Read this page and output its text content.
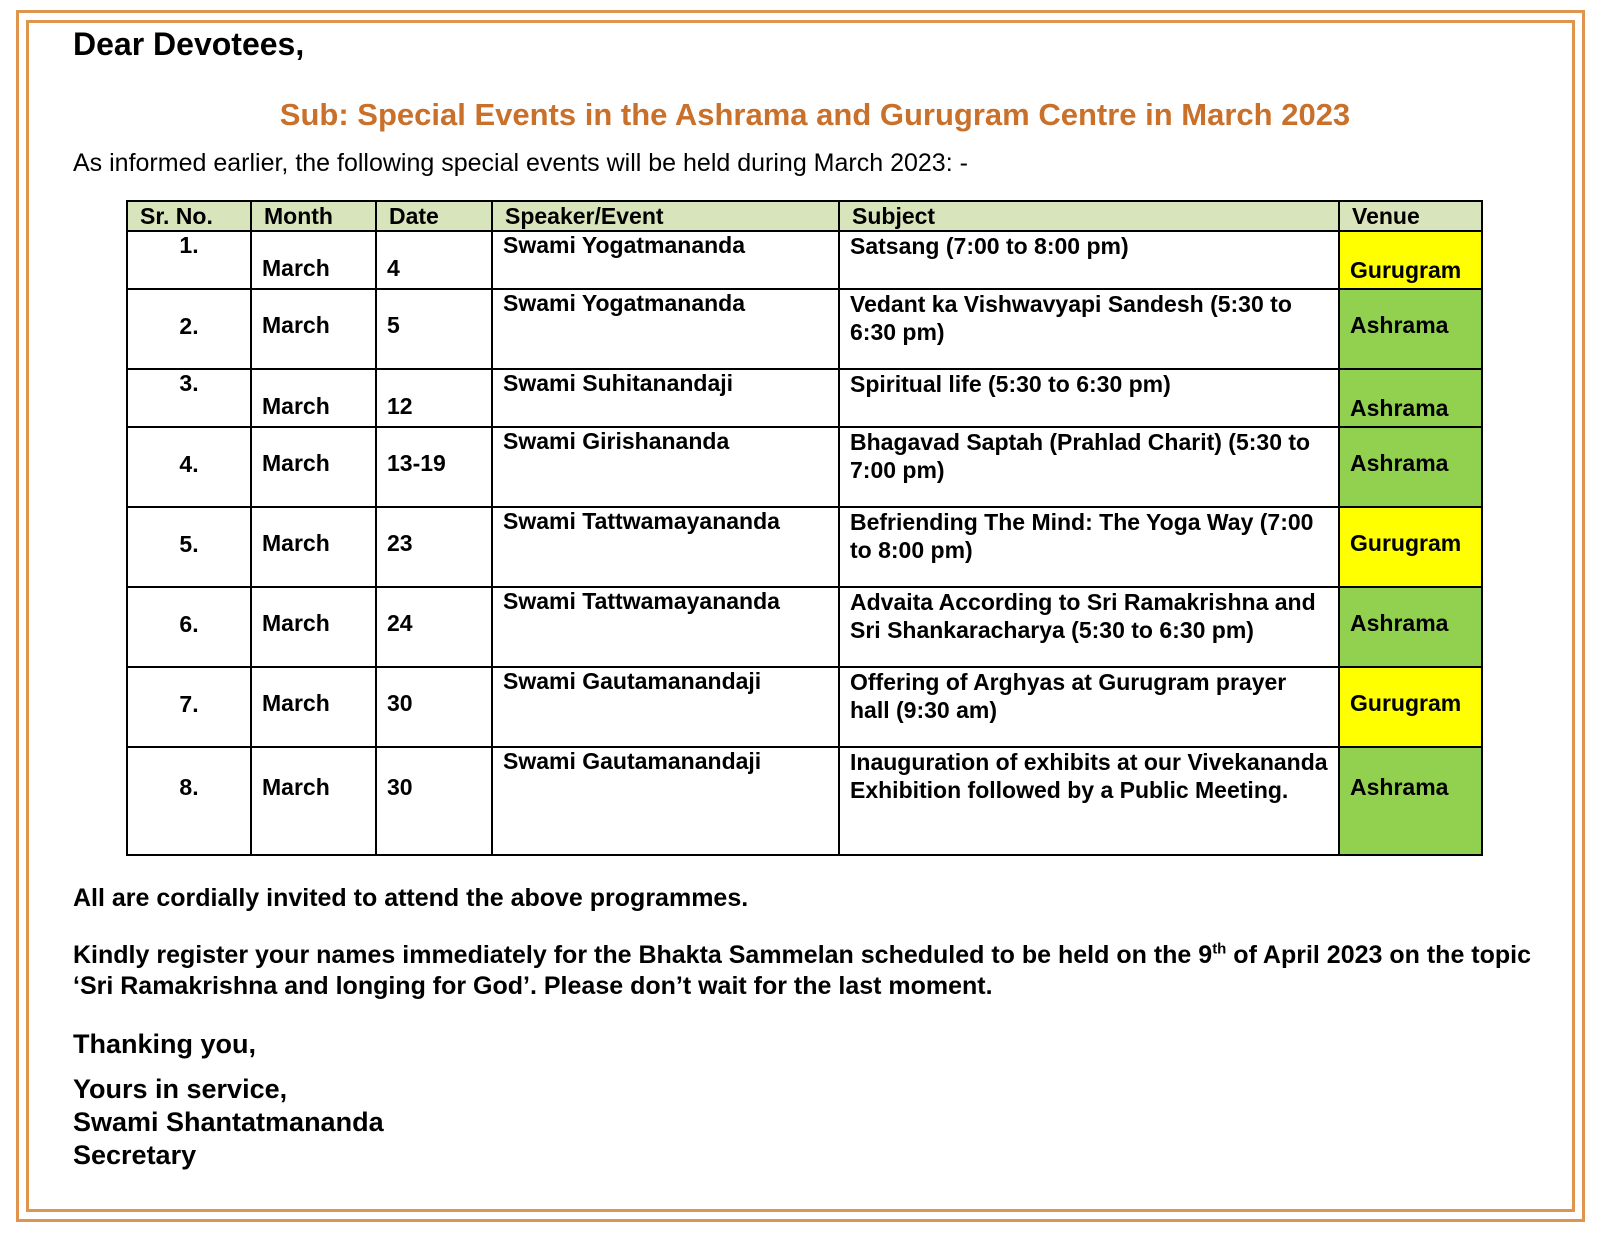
Dear Devotees,
Sub: Special Events in the Ashrama and Gurugram Centre in March 2023
As informed earlier, the following special events will be held during March 2023: -
Sr. No.	Month	Date	Speaker/Event	Subject	Venue
1.	March	4	Swami Yogatmananda	Satsang (7:00 to 8:00 pm)	Gurugram
2.	March	5	Swami Yogatmananda	Vedant ka Vishwavyapi Sandesh (5:30 to 6:30 pm)	Ashrama
3.	March	12	Swami Suhitanandaji	Spiritual life (5:30 to 6:30 pm)	Ashrama
4.	March	13-19	Swami Girishananda	Bhagavad Saptah (Prahlad Charit) (5:30 to 7:00 pm)	Ashrama
5.	March	23	Swami Tattwamayananda	Befriending The Mind: The Yoga Way (7:00 to 8:00 pm)	Gurugram
6.	March	24	Swami Tattwamayananda	Advaita According to Sri Ramakrishna and Sri Shankaracharya (5:30 to 6:30 pm)	Ashrama
7.	March	30	Swami Gautamanandaji	Offering of Arghyas at Gurugram prayer hall (9:30 am)	Gurugram
8.	March	30	Swami Gautamanandaji	Inauguration of exhibits at our Vivekananda Exhibition followed by a Public Meeting.	Ashrama
All are cordially invited to attend the above programmes.
Kindly register your names immediately for the Bhakta Sammelan scheduled to be held on the 9th of April 2023 on the topic ‘Sri Ramakrishna and longing for God’. Please don’t wait for the last moment.
Thanking you,
Yours in service,
Swami Shantatmananda
Secretary
